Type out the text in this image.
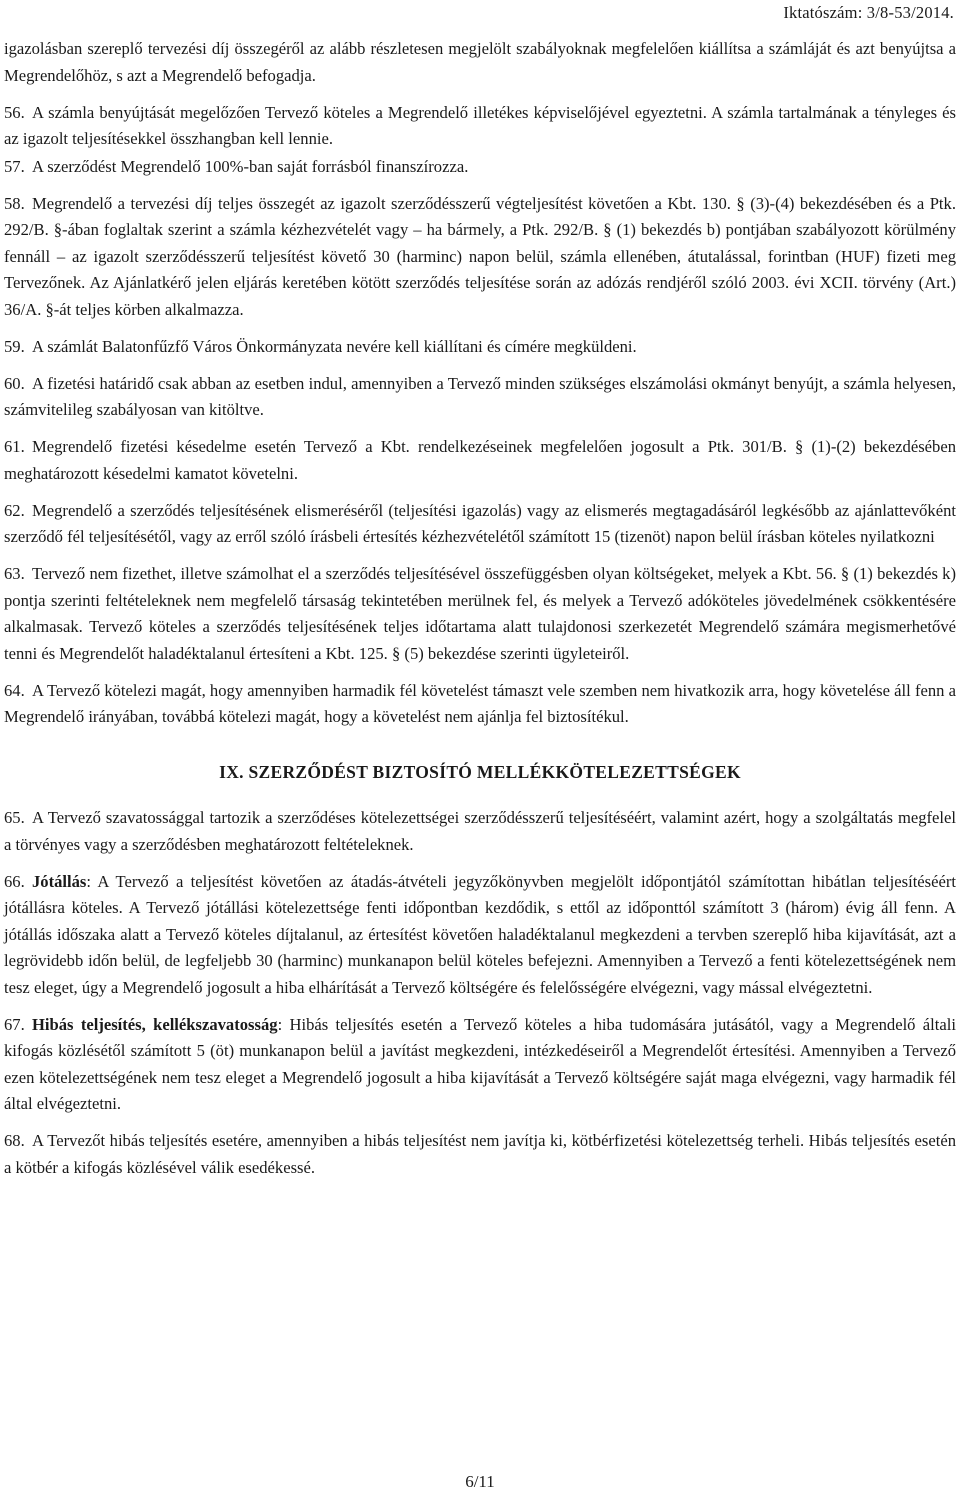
Iktatószám: 3/8-53/2014.

igazolásban szereplő tervezési díj összegéről az alább részletesen megjelölt szabályoknak megfelelően kiállítsa a számláját és azt benyújtsa a Megrendelőhöz, s azt a Megrendelő befogadja.

56. A számla benyújtását megelőzően Tervező köteles a Megrendelő illetékes képviselőjével egyeztetni. A számla tartalmának a tényleges és az igazolt teljesítésekkel összhangban kell lennie.

57. A szerződést Megrendelő 100%-ban saját forrásból finanszírozza.

58. Megrendelő a tervezési díj teljes összegét az igazolt szerződésszerű végteljesítést követően a Kbt. 130. § (3)-(4) bekezdésében és a Ptk. 292/B. §-ában foglaltak szerint a számla kézhezvételét vagy – ha bármely, a Ptk. 292/B. § (1) bekezdés b) pontjában szabályozott körülmény fennáll – az igazolt szerződésszerű teljesítést követő 30 (harminc) napon belül, számla ellenében, átutalással, forintban (HUF) fizeti meg Tervezőnek. Az Ajánlatkérő jelen eljárás keretében kötött szerződés teljesítése során az adózás rendjéről szóló 2003. évi XCII. törvény (Art.) 36/A. §-át teljes körben alkalmazza.

59. A számlát Balatonfűzfő Város Önkormányzata nevére kell kiállítani és címére megküldeni.

60. A fizetési határidő csak abban az esetben indul, amennyiben a Tervező minden szükséges elszámolási okmányt benyújt, a számla helyesen, számvitelileg szabályosan van kitöltve.

61. Megrendelő fizetési késedelme esetén Tervező a Kbt. rendelkezéseinek megfelelően jogosult a Ptk. 301/B. § (1)-(2) bekezdésében meghatározott késedelmi kamatot követelni.

62. Megrendelő a szerződés teljesítésének elismeréséről (teljesítési igazolás) vagy az elismerés megtagadásáról legkésőbb az ajánlattevőként szerződő fél teljesítésétől, vagy az erről szóló írásbeli értesítés kézhezvételétől számított 15 (tizenöt) napon belül írásban köteles nyilatkozni

63. Tervező nem fizethet, illetve számolhat el a szerződés teljesítésével összefüggésben olyan költségeket, melyek a Kbt. 56. § (1) bekezdés k) pontja szerinti feltételeknek nem megfelelő társaság tekintetében merülnek fel, és melyek a Tervező adóköteles jövedelmének csökkentésére alkalmasak. Tervező köteles a szerződés teljesítésének teljes időtartama alatt tulajdonosi szerkezetét Megrendelő számára megismerhetővé tenni és Megrendelőt haladéktalanul értesíteni a Kbt. 125. § (5) bekezdése szerinti ügyleteiről.

64. A Tervező kötelezi magát, hogy amennyiben harmadik fél követelést támaszt vele szemben nem hivatkozik arra, hogy követelése áll fenn a Megrendelő irányában, továbbá kötelezi magát, hogy a követelést nem ajánlja fel biztosítékul.

IX. SZERZŐDÉST BIZTOSÍTÓ MELLÉKKÖTELEZETTSÉGEK

65. A Tervező szavatossággal tartozik a szerződéses kötelezettségei szerződésszerű teljesítéséért, valamint azért, hogy a szolgáltatás megfelel a törvényes vagy a szerződésben meghatározott feltételeknek.

66. Jótállás: A Tervező a teljesítést követően az átadás-átvételi jegyzőkönyvben megjelölt időpontjától számítottan hibátlan teljesítéséért jótállásra köteles. A Tervező jótállási kötelezettsége fenti időpontban kezdődik, s ettől az időponttól számított 3 (három) évig áll fenn. A jótállás időszaka alatt a Tervező köteles díjtalanul, az értesítést követően haladéktalanul megkezdeni a tervben szereplő hiba kijavítását, azt a legrövidebb időn belül, de legfeljebb 30 (harminc) munkanapon belül köteles befejezni. Amennyiben a Tervező a fenti kötelezettségének nem tesz eleget, úgy a Megrendelő jogosult a hiba elhárítását a Tervező költségére és felelősségére elvégezni, vagy mással elvégeztetni.

67. Hibás teljesítés, kellékszavatosság: Hibás teljesítés esetén a Tervező köteles a hiba tudomására jutásától, vagy a Megrendelő általi kifogás közlésétől számított 5 (öt) munkanapon belül a javítást megkezdeni, intézkedéseiről a Megrendelőt értesítési. Amennyiben a Tervező ezen kötelezettségének nem tesz eleget a Megrendelő jogosult a hiba kijavítását a Tervező költségére saját maga elvégezni, vagy harmadik fél által elvégeztetni.

68. A Tervezőt hibás teljesítés esetére, amennyiben a hibás teljesítést nem javítja ki, kötbérfizetési kötelezettség terheli. Hibás teljesítés esetén a kötbér a kifogás közlésével válik esedékessé.

6/11
